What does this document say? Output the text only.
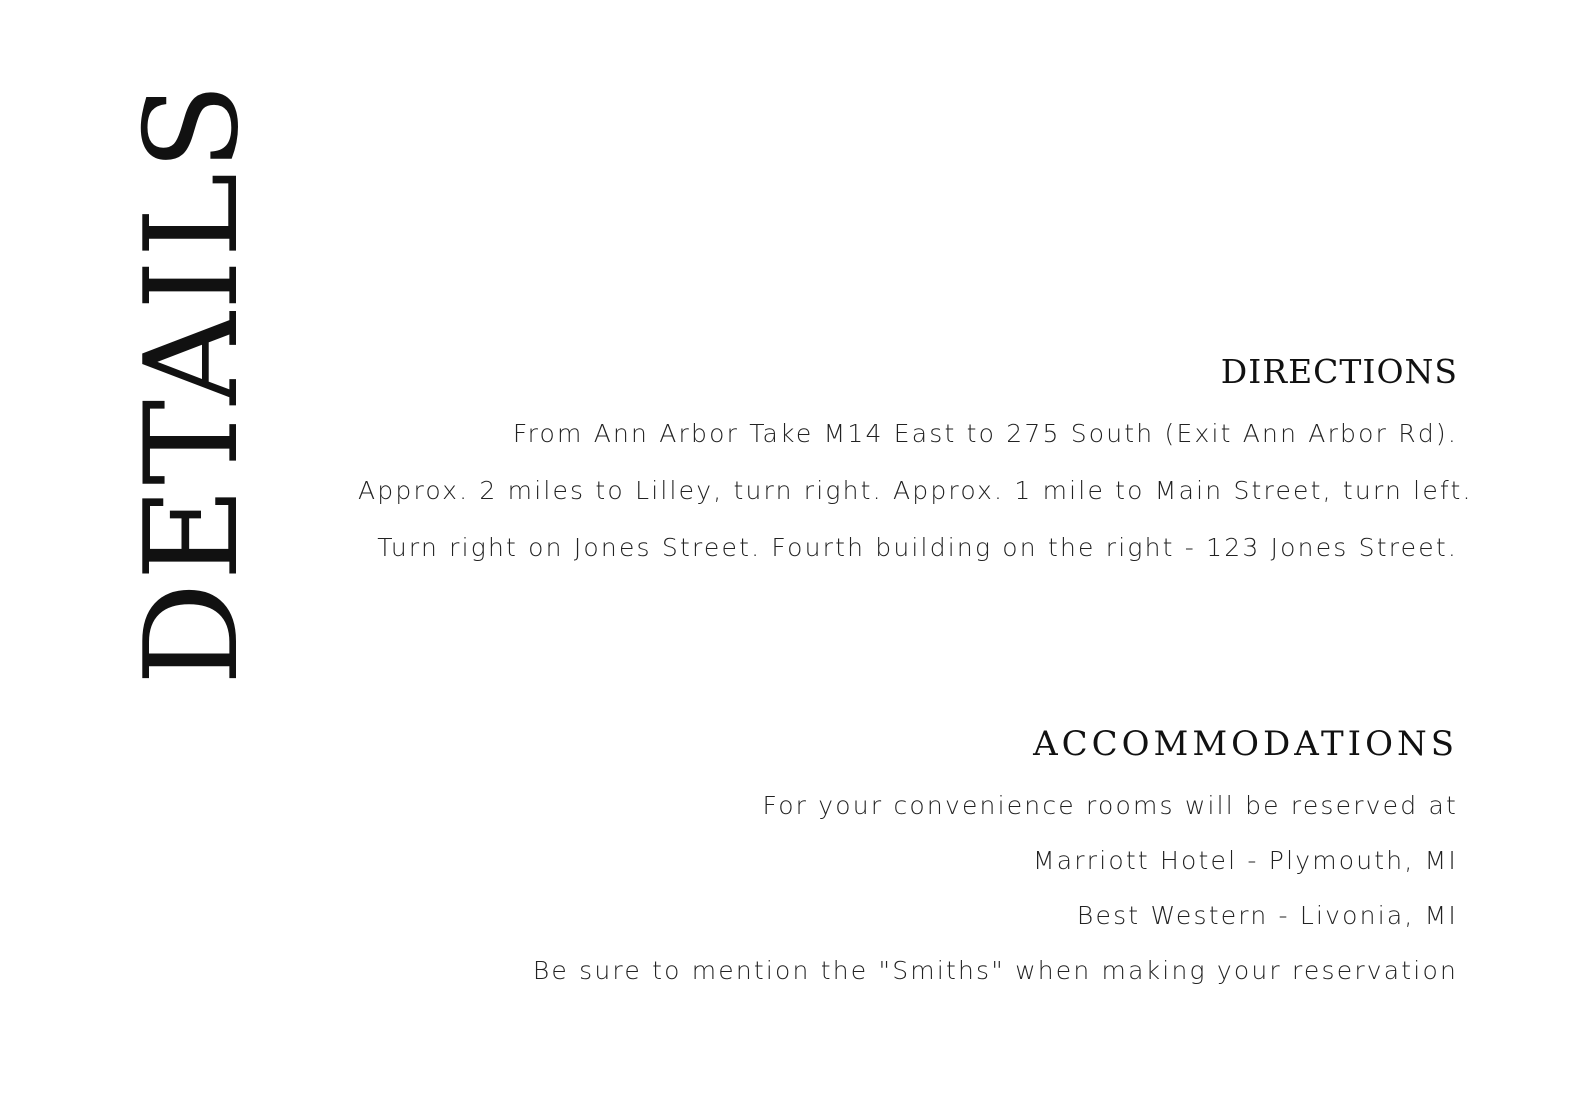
DETAILS	DIRECTIONS

From Ann Arbor Take M14 East to 275 South (Exit Ann Arbor Rd).

Approx. 2 miles to Lilley, turn right. Approx. 1 mile to Main Street, turn left.

Turn right on Jones Street. Fourth building on the right - 123 Jones Street.

ACCOMMODATIONS

For your convenience rooms will be reserved at

Marriott Hotel - Plymouth, MI

Best Western - Livonia, MI

Be sure to mention the "Smiths" when making your reservation
